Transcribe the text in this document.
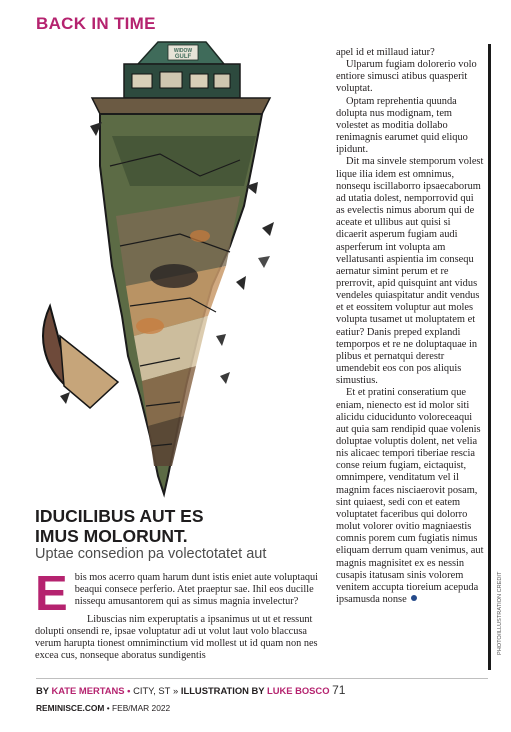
BACK IN TIME
WIDOW
GULF
IDUCILIBUS AUT ES
IMUS MOLORUNT.
Uptae consedion pa volectotatet aut

Ebis mos acerro quam harum dunt istis eniet aute voluptaqui beaqui consece perferio. Atet praeptur sae. Ihil eos ducille nissequ amusantorem qui as simus magnia invelectur?

Libuscias nim experuptatis a ipsanimus ut ut et ressunt dolupti onsendi re, ipsae voluptatur adi ut volut laut volo blaccusa verum harupta tionest omniminctium vid mollest ut id quam non nes excea cus, nonseque aboratus sundigentis

apel id et millaud iatur?

Ulparum fugiam dolorerio volo entiore simusci atibus quasperit voluptat.

Optam reprehentia quunda dolupta nus modignam, tem volestet as moditia dollabo renimagnis earumet quid eliquo ipidunt.

Dit ma sinvele stemporum volest lique ilia idem est omnimus, nonsequ iscillaborro ipsaecaborum ad utatia dolest, nemporrovid qui as evelectis nimus aborum qui de aceate et ullibus aut quisi si dicaerit asperum fugiam audi asperferum int volupta am vellatusanti aspientia im consequ aernatur simint perum et re prerrovit, apid quisquint ant vidus vendeles quiaspitatur andit vendus et et eossitem voluptur aut moles volupta tusamet ut moluptatem et eatiur? Danis preped explandi temporpos et re ne doluptaquae in plibus et pernatqui derestr umendebit eos con pos aliquis simustius.

Et et pratini conseratium que eniam, nienecto est id molor siti alicidu ciducidunto voloreceaqui aut quia sam rendipid quae volenis doluptae voluptis dolent, net velia nis alicaec tempori tiberiae rescia conse reium fugiam, eictaquist, omnimpere, venditatum vel il magnim faces nisciaerovit posam, sint quiaest, sedi con et eatem voluptatet faceribus qui dolorro molut volorer ovitio magniaestis comnis porem cum fugiatis nimus eliquam derrum quam venimus, aut magnis magnisitet ex es nessin cusapis itatusam sinis volorem venitem accupta tioreium acepuda ipsamusda nonse	PHOTO/ILLUSTRATION CREDIT
BY KATE MERTANS • CITY, ST » ILLUSTRATION BY LUKE BOSCO 71
REMINISCE.COM • FEB/MAR 2022
